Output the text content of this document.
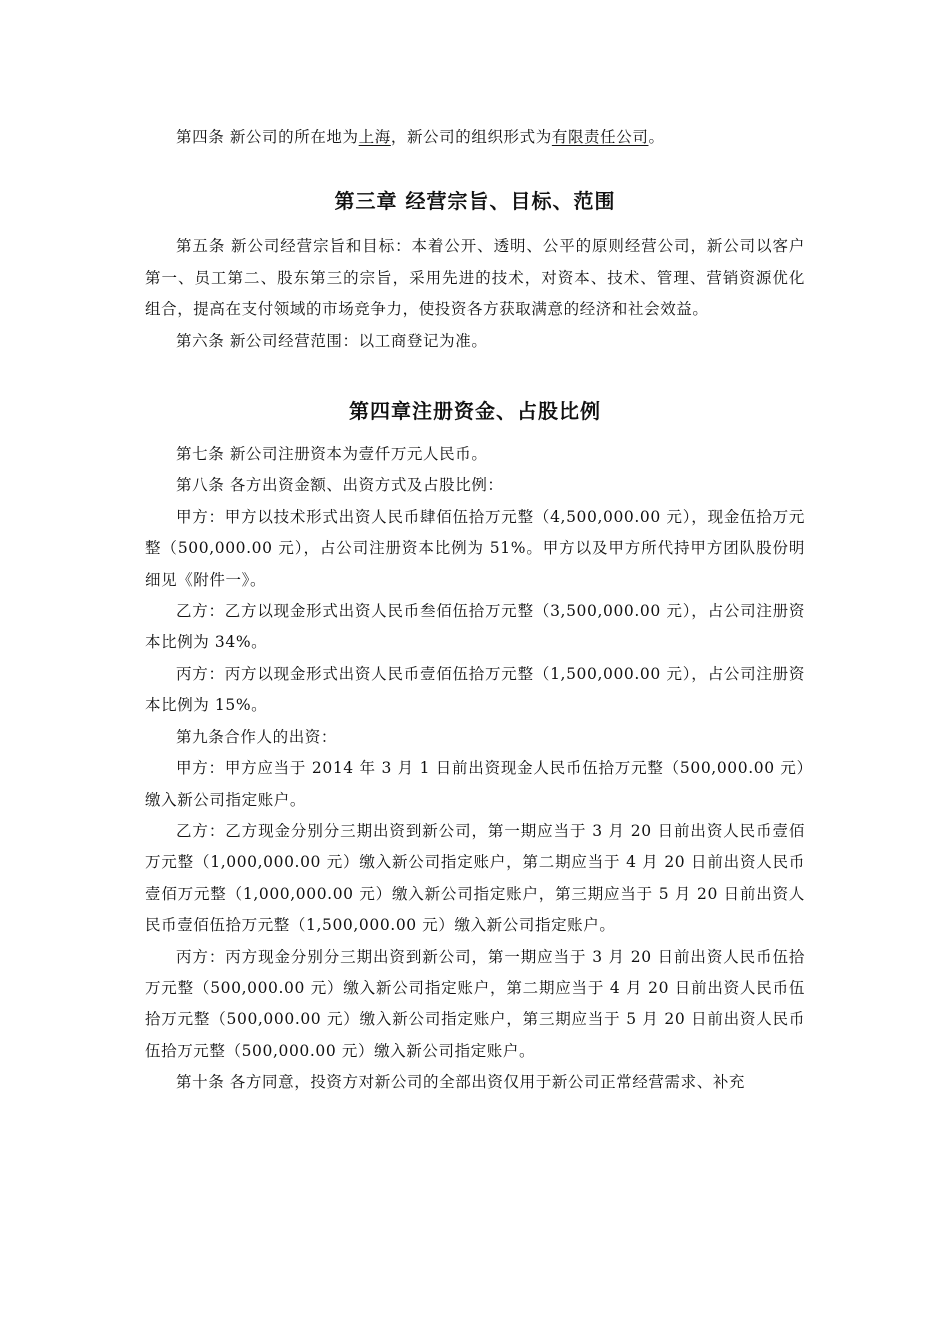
第四条 新公司的所在地为上海，新公司的组织形式为有限责任公司。

第三章 经营宗旨、目标、范围

第五条 新公司经营宗旨和目标：本着公开、透明、公平的原则经营公司，新公司以客户第一、员工第二、股东第三的宗旨，采用先进的技术，对资本、技术、管理、营销资源优化组合，提高在支付领域的市场竞争力，使投资各方获取满意的经济和社会效益。

第六条 新公司经营范围：以工商登记为准。

第四章注册资金、占股比例

第七条 新公司注册资本为壹仟万元人民币。

第八条 各方出资金额、出资方式及占股比例：

甲方：甲方以技术形式出资人民币肆佰伍拾万元整（4,500,000.00 元），现金伍拾万元整（500,000.00 元），占公司注册资本比例为 51%。甲方以及甲方所代持甲方团队股份明细见《附件一》。

乙方：乙方以现金形式出资人民币叁佰伍拾万元整（3,500,000.00 元），占公司注册资本比例为 34%。

丙方：丙方以现金形式出资人民币壹佰伍拾万元整（1,500,000.00 元），占公司注册资本比例为 15%。

第九条合作人的出资：

甲方：甲方应当于 2014 年 3 月 1 日前出资现金人民币伍拾万元整（500,000.00 元）缴入新公司指定账户。

乙方：乙方现金分别分三期出资到新公司，第一期应当于 3 月 20 日前出资人民币壹佰万元整（1,000,000.00 元）缴入新公司指定账户，第二期应当于 4 月 20 日前出资人民币壹佰万元整（1,000,000.00 元）缴入新公司指定账户，第三期应当于 5 月 20 日前出资人民币壹佰伍拾万元整（1,500,000.00 元）缴入新公司指定账户。

丙方：丙方现金分别分三期出资到新公司，第一期应当于 3 月 20 日前出资人民币伍拾万元整（500,000.00 元）缴入新公司指定账户，第二期应当于 4 月 20 日前出资人民币伍拾万元整（500,000.00 元）缴入新公司指定账户，第三期应当于 5 月 20 日前出资人民币伍拾万元整（500,000.00 元）缴入新公司指定账户。

第十条 各方同意，投资方对新公司的全部出资仅用于新公司正常经营需求、补充
